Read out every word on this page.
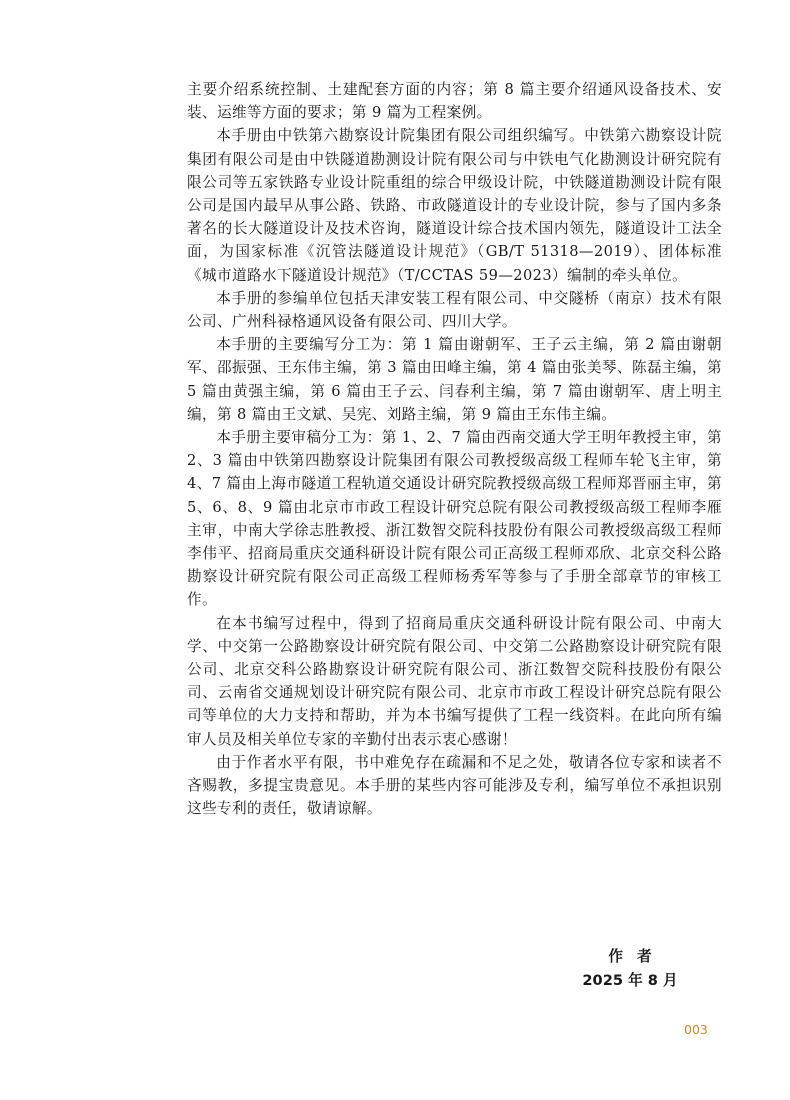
主要介绍系统控制、土建配套方面的内容；第 8 篇主要介绍通风设备技术、安装、运维等方面的要求；第 9 篇为工程案例。

本手册由中铁第六勘察设计院集团有限公司组织编写。中铁第六勘察设计院集团有限公司是由中铁隧道勘测设计院有限公司与中铁电气化勘测设计研究院有限公司等五家铁路专业设计院重组的综合甲级设计院，中铁隧道勘测设计院有限公司是国内最早从事公路、铁路、市政隧道设计的专业设计院，参与了国内多条著名的长大隧道设计及技术咨询，隧道设计综合技术国内领先，隧道设计工法全面，为国家标准《沉管法隧道设计规范》（GB/T 51318—2019）、团体标准《城市道路水下隧道设计规范》（T/CCTAS 59—2023）编制的牵头单位。

本手册的参编单位包括天津安装工程有限公司、中交隧桥（南京）技术有限公司、广州科禄格通风设备有限公司、四川大学。

本手册的主要编写分工为：第 1 篇由谢朝军、王子云主编，第 2 篇由谢朝军、邵振强、王东伟主编，第 3 篇由田峰主编，第 4 篇由张美琴、陈磊主编，第 5 篇由黄强主编，第 6 篇由王子云、闫春利主编，第 7 篇由谢朝军、唐上明主编，第 8 篇由王文斌、吴宪、刘路主编，第 9 篇由王东伟主编。

本手册主要审稿分工为：第 1、2、7 篇由西南交通大学王明年教授主审，第 2、3 篇由中铁第四勘察设计院集团有限公司教授级高级工程师车轮飞主审，第 4、7 篇由上海市隧道工程轨道交通设计研究院教授级高级工程师郑晋丽主审，第 5、6、8、9 篇由北京市市政工程设计研究总院有限公司教授级高级工程师李雁主审，中南大学徐志胜教授、浙江数智交院科技股份有限公司教授级高级工程师李伟平、招商局重庆交通科研设计院有限公司正高级工程师邓欣、北京交科公路勘察设计研究院有限公司正高级工程师杨秀军等参与了手册全部章节的审核工作。

在本书编写过程中，得到了招商局重庆交通科研设计院有限公司、中南大学、中交第一公路勘察设计研究院有限公司、中交第二公路勘察设计研究院有限公司、北京交科公路勘察设计研究院有限公司、浙江数智交院科技股份有限公司、云南省交通规划设计研究院有限公司、北京市市政工程设计研究总院有限公司等单位的大力支持和帮助，并为本书编写提供了工程一线资料。在此向所有编审人员及相关单位专家的辛勤付出表示衷心感谢！

由于作者水平有限，书中难免存在疏漏和不足之处，敬请各位专家和读者不吝赐教，多提宝贵意见。本手册的某些内容可能涉及专利，编写单位不承担识别这些专利的责任，敬请谅解。

作者
2025 年 8 月
003
